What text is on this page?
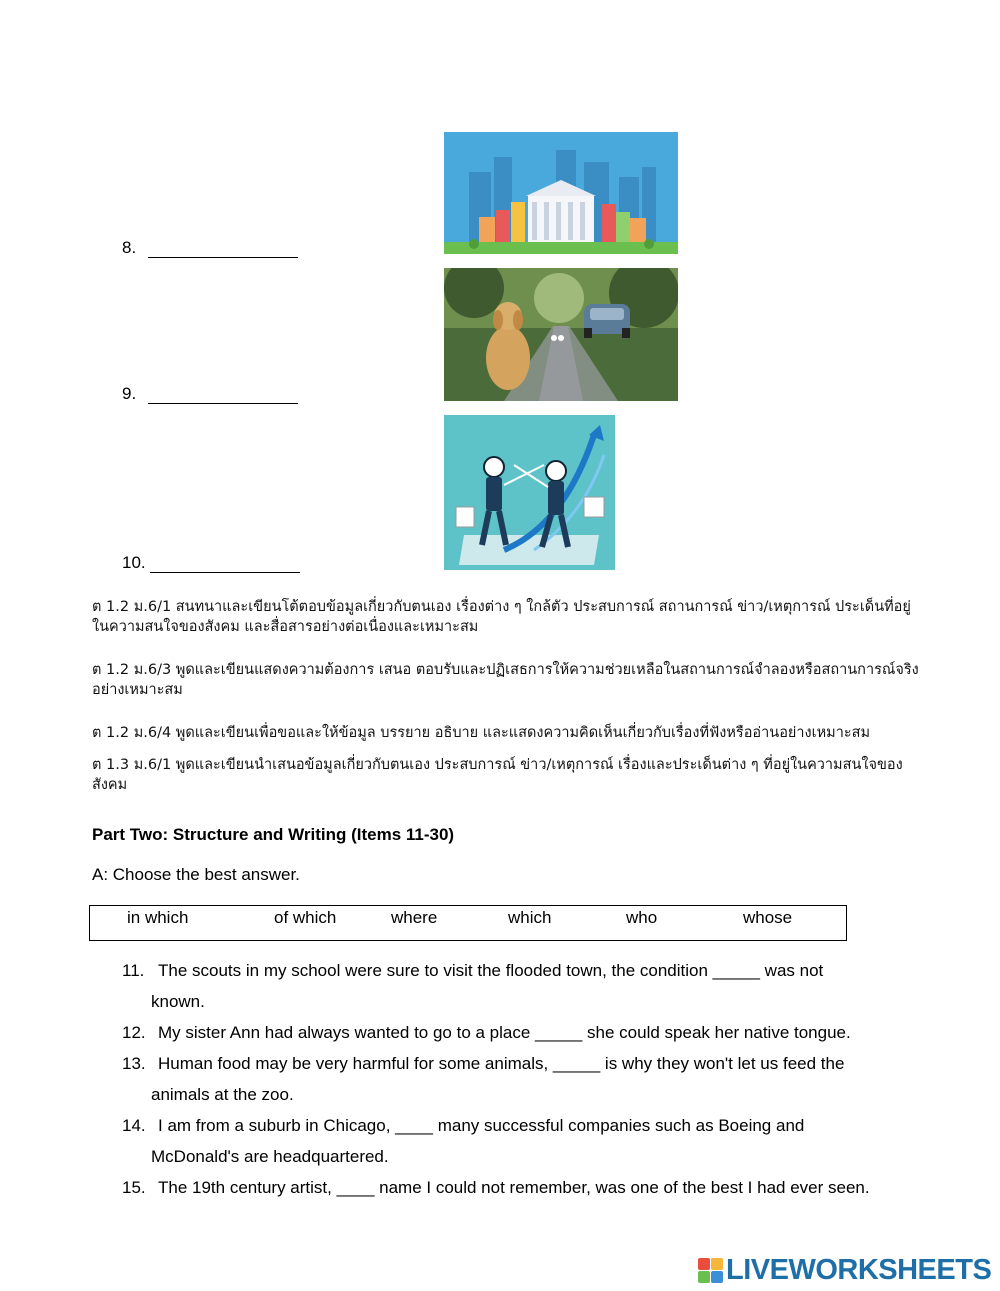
8.
9.
10.
ต 1.2 ม.6/1 สนทนาและเขียนโต้ตอบข้อมูลเกี่ยวกับตนเอง เรื่องต่าง ๆ ใกล้ตัว ประสบการณ์ สถานการณ์ ข่าว/เหตุการณ์ ประเด็นที่อยู่ในความสนใจของสังคม และสื่อสารอย่างต่อเนื่องและเหมาะสม
ต 1.2 ม.6/3 พูดและเขียนแสดงความต้องการ เสนอ ตอบรับและปฏิเสธการให้ความช่วยเหลือในสถานการณ์จำลองหรือสถานการณ์จริงอย่างเหมาะสม
ต 1.2 ม.6/4 พูดและเขียนเพื่อขอและให้ข้อมูล บรรยาย อธิบาย และแสดงความคิดเห็นเกี่ยวกับเรื่องที่ฟังหรืออ่านอย่างเหมาะสม
ต 1.3 ม.6/1 พูดและเขียนนำเสนอข้อมูลเกี่ยวกับตนเอง ประสบการณ์ ข่าว/เหตุการณ์ เรื่องและประเด็นต่าง ๆ ที่อยู่ในความสนใจของสังคม
Part Two: Structure and Writing (Items 11-30)
A: Choose the best answer.
in which	of which	where	which	who	whose
11. The scouts in my school were sure to visit the flooded town, the condition _____ was not
known.
12. My sister Ann had always wanted to go to a place _____ she could speak her native tongue.
13. Human food may be very harmful for some animals, _____ is why they won't let us feed the
animals at the zoo.
14. I am from a suburb in Chicago, ____ many successful companies such as Boeing and
McDonald's are headquartered.
15. The 19th century artist, ____ name I could not remember, was one of the best I had ever seen.
LIVEWORKSHEETS
